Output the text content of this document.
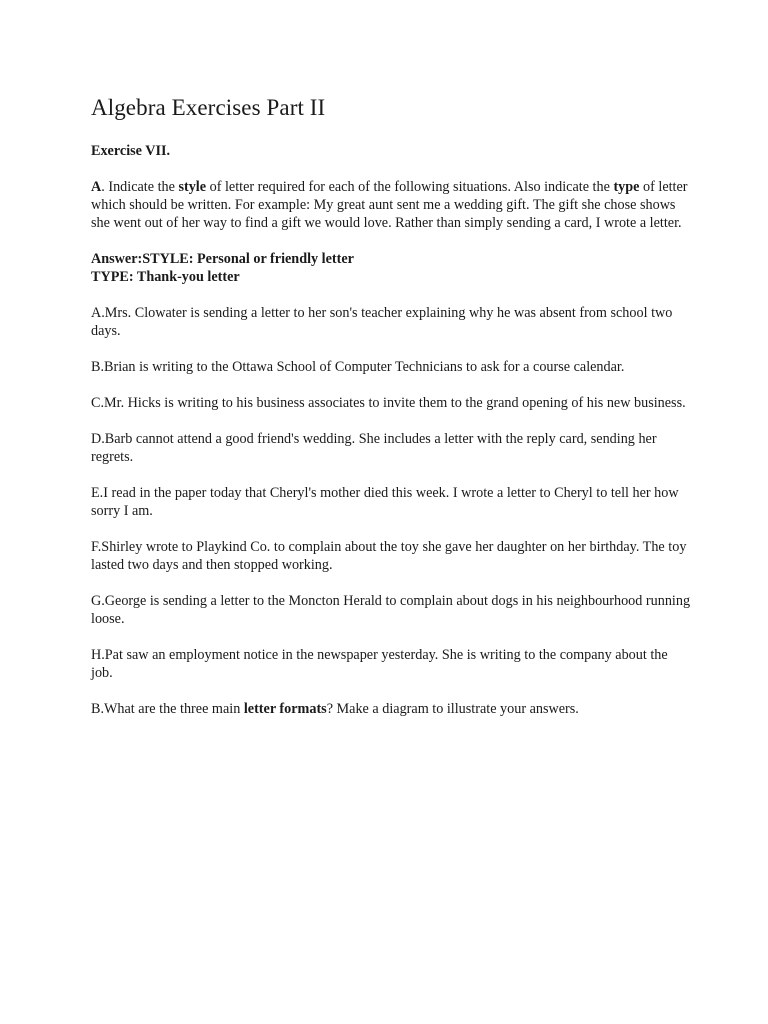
Algebra Exercises Part II
Exercise VII.
A. Indicate the style of letter required for each of the following situations. Also indicate the type of letter which should be written. For example: My great aunt sent me a wedding gift. The gift she chose shows she went out of her way to find a gift we would love. Rather than simply sending a card, I wrote a letter.
Answer:STYLE: Personal or friendly letter
TYPE: Thank-you letter
A.Mrs. Clowater is sending a letter to her son's teacher explaining why he was absent from school two days.
B.Brian is writing to the Ottawa School of Computer Technicians to ask for a course calendar.
C.Mr. Hicks is writing to his business associates to invite them to the grand opening of his new business.
D.Barb cannot attend a good friend's wedding. She includes a letter with the reply card, sending her regrets.
E.I read in the paper today that Cheryl's mother died this week. I wrote a letter to Cheryl to tell her how sorry I am.
F.Shirley wrote to Playkind Co. to complain about the toy she gave her daughter on her birthday. The toy lasted two days and then stopped working.
G.George is sending a letter to the Moncton Herald to complain about dogs in his neighbourhood running loose.
H.Pat saw an employment notice in the newspaper yesterday. She is writing to the company about the job.
B.What are the three main letter formats? Make a diagram to illustrate your answers.
